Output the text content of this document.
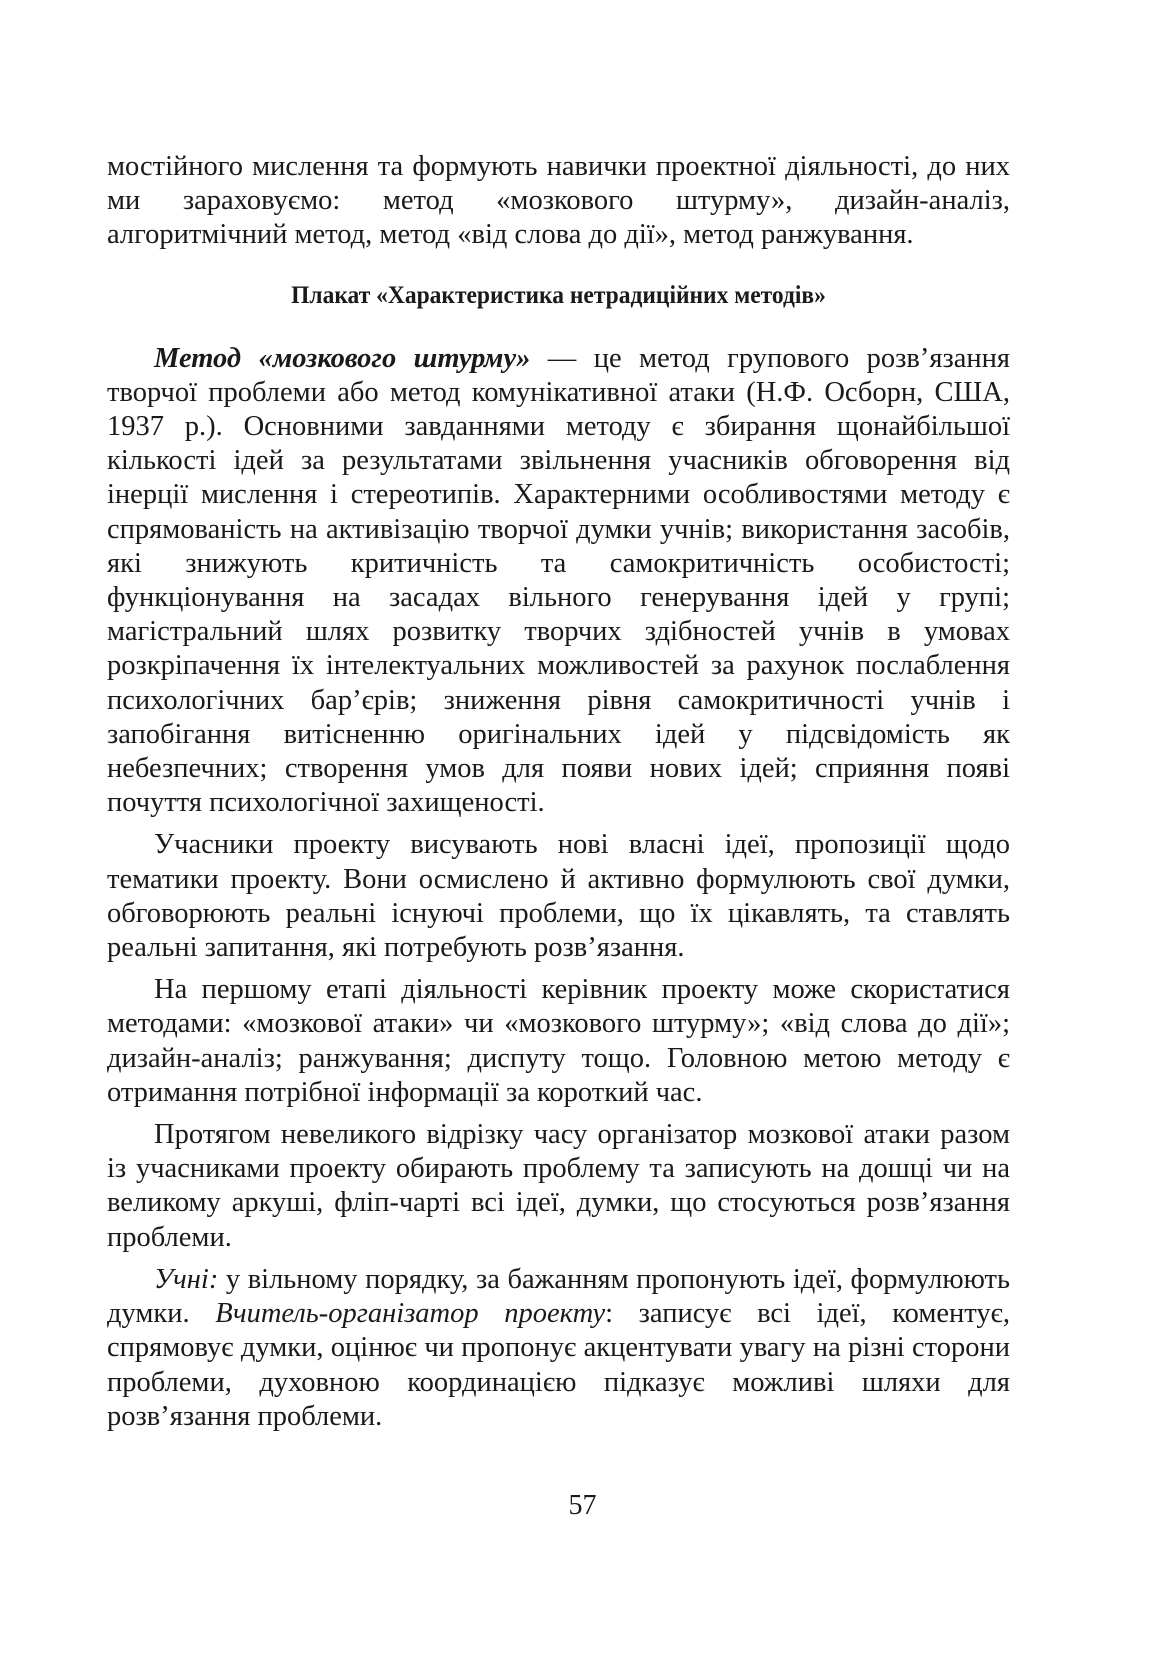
мостійного мислення та формують навички проектної діяльності, до них ми зараховуємо: метод «мозкового штурму», дизайн-аналіз, алгоритмічний метод, метод «від слова до дії», метод ранжування.

Плакат «Характеристика нетрадиційних методів»

Метод «мозкового штурму» — це метод групового розв’язання творчої проблеми або метод комунікативної атаки (Н.Ф. Осборн, США, 1937 р.). Основними завданнями методу є збирання щонайбільшої кількості ідей за результатами звільнення учасників обговорення від інерції мислення і стереотипів. Характерними особливостями методу є спрямованість на активізацію творчої думки учнів; використання засобів, які знижують критичність та самокритичність особистості; функціонування на засадах вільного генерування ідей у групі; магістральний шлях розвитку творчих здібностей учнів в умовах розкріпачення їх інтелектуальних можливостей за рахунок послаблення психологічних бар’єрів; зниження рівня самокритичності учнів і запобігання витісненню оригінальних ідей у підсвідомість як небезпечних; створення умов для появи нових ідей; сприяння появі почуття психологічної захищеності.

Учасники проекту висувають нові власні ідеї, пропозиції щодо тематики проекту. Вони осмислено й активно формулюють свої думки, обговорюють реальні існуючі проблеми, що їх цікавлять, та ставлять реальні запитання, які потребують розв’язання.

На першому етапі діяльності керівник проекту може скористатися методами: «мозкової атаки» чи «мозкового штурму»; «від слова до дії»; дизайн-аналіз; ранжування; диспуту тощо. Головною метою методу є отримання потрібної інформації за короткий час.

Протягом невеликого відрізку часу організатор мозкової атаки разом із учасниками проекту обирають проблему та записують на дошці чи на великому аркуші, фліп-чарті всі ідеї, думки, що стосуються розв’язання проблеми.

Учні: у вільному порядку, за бажанням пропонують ідеї, формулюють думки. Вчитель-організатор проекту: записує всі ідеї, коментує, спрямовує думки, оцінює чи пропонує акцентувати увагу на різні сторони проблеми, духовною координацією підказує можливі шляхи для розв’язання проблеми.

57
